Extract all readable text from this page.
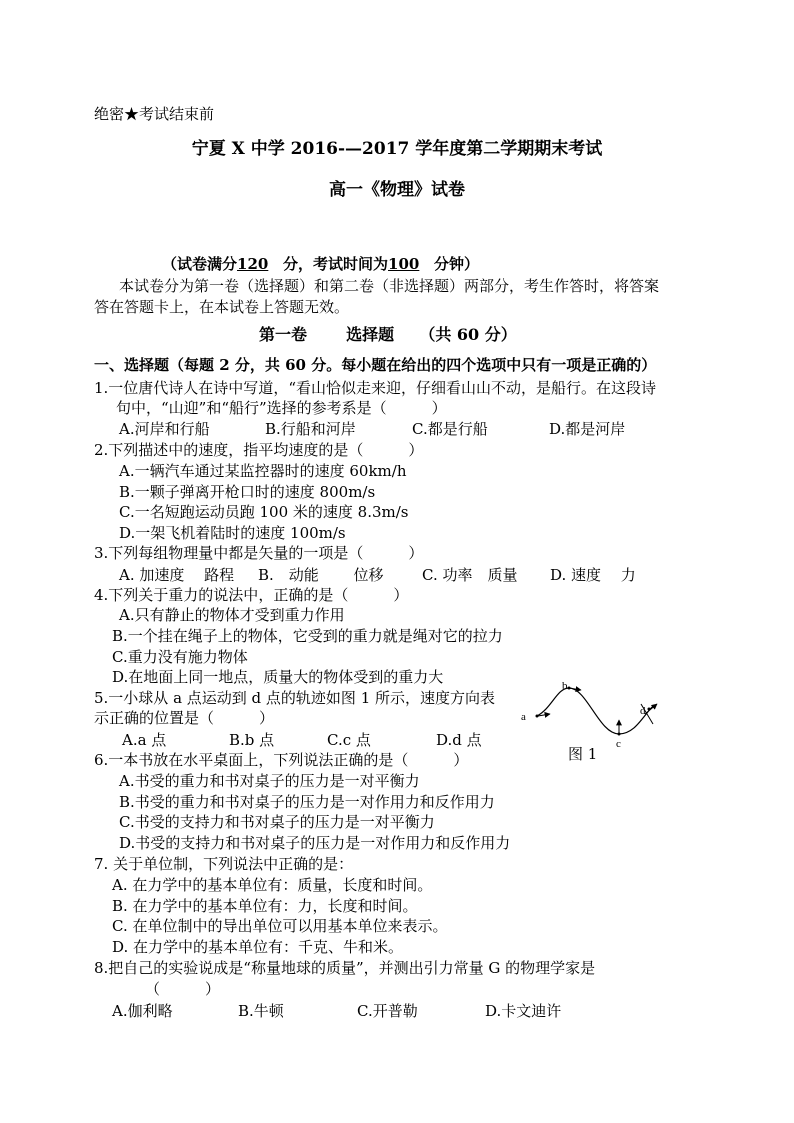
绝密★考试结束前
宁夏 X 中学 2016-—2017 学年度第二学期期末考试
高一《物理》试卷
（试卷满分120 分，考试时间为100 分钟）
本试卷分为第一卷（选择题）和第二卷（非选择题）两部分，考生作答时，将答案
答在答题卡上，在本试卷上答题无效。
第一卷 选择题 （共 60 分）
一、选择题（每题 2 分，共 60 分。每小题在给出的四个选项中只有一项是正确的）
1.一位唐代诗人在诗中写道，“看山恰似走来迎，仔细看山山不动，是船行。在这段诗
句中，“山迎”和“船行”选择的参考系是（　　　）
A.河岸和行船	B.行船和河岸	C.都是行船	D.都是河岸
2.下列描述中的速度，指平均速度的是（　　　）
A.一辆汽车通过某监控器时的速度 60km/h
B.一颗子弹离开枪口时的速度 800m/s
C.一名短跑运动员跑 100 米的速度 8.3m/s
D.一架飞机着陆时的速度 100m/s
3.下列每组物理量中都是矢量的一项是（　　　）
A. 加速度　 路程 B.　动能　　 位移	C. 功率　质量 D. 速度　 力
4.下列关于重力的说法中，正确的是（　　　）
A.只有静止的物体才受到重力作用
B.一个挂在绳子上的物体，它受到的重力就是绳对它的拉力
C.重力没有施力物体
D.在地面上同一地点，质量大的物体受到的重力大
5.一小球从 a 点运动到 d 点的轨迹如图 1 所示，速度方向表
示正确的位置是（　　　）
A.a 点	B.b 点	C.c 点	D.d 点
a
b
c
d
图 1
6.一本书放在水平桌面上，下列说法正确的是（　　　）
A.书受的重力和书对桌子的压力是一对平衡力
B.书受的重力和书对桌子的压力是一对作用力和反作用力
C.书受的支持力和书对桌子的压力是一对平衡力
D.书受的支持力和书对桌子的压力是一对作用力和反作用力
7. 关于单位制，下列说法中正确的是：
A. 在力学中的基本单位有：质量，长度和时间。
B. 在力学中的基本单位有：力，长度和时间。
C. 在单位制中的导出单位可以用基本单位来表示。
D. 在力学中的基本单位有：千克、牛和米。
8.把自己的实验说成是“称量地球的质量”，并测出引力常量 G 的物理学家是
（　　　）
A.伽利略	B.牛顿	C.开普勒	D.卡文迪许
